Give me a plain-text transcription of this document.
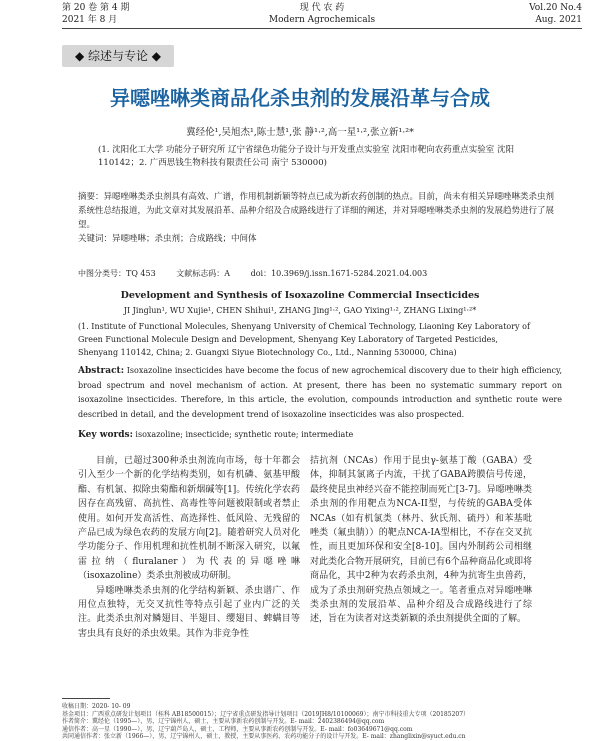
第 20 卷 第 4 期
2021 年 8 月
现 代 农 药
Modern Agrochemicals
Vol.20 No.4
Aug. 2021
◆ 综述与专论 ◆
异噁唑啉类商品化杀虫剂的发展沿革与合成
冀经伦¹,吴旭杰¹,陈士慧¹,张 静¹·²,高一星¹·²,张立新¹·²*
(1. 沈阳化工大学 功能分子研究所 辽宁省绿色功能分子设计与开发重点实验室 沈阳市靶向农药重点实验室 沈阳 110142；2. 广西思钱生物科技有限责任公司 南宁 530000)

摘要：异噁唑啉类杀虫剂具有高效、广谱，作用机制新颖等特点已成为新农药创制的热点。目前，尚未有相关异噁唑啉类杀虫剂系统性总结报道，为此文章对其发展沿革、品种介绍及合成路线进行了详细的阐述，并对异噁唑啉类杀虫剂的发展趋势进行了展望。

关键词：异噁唑啉；杀虫剂；合成路线；中间体

中图分类号：TQ 453	文献标志码：A	doi：10.3969/j.issn.1671-5284.2021.04.003
Development and Synthesis of Isoxazoline Commercial Insecticides
JI Jinglun¹, WU Xujie¹, CHEN Shihui¹, ZHANG Jing¹·², GAO Yixing¹·², ZHANG Lixing¹·²*
(1. Institute of Functional Molecules, Shenyang University of Chemical Technology, Liaoning Key Laboratory of Green Functional Molecule Design and Development, Shenyang Key Laboratory of Targeted Pesticides, Shenyang 110142, China; 2. Guangxi Siyue Biotechnology Co., Ltd., Nanning 530000, China)
Abstract: Isoxazoline insecticides have become the focus of new agrochemical discovery due to their high efficiency, broad spectrum and novel mechanism of action. At present, there has been no systematic summary report on isoxazoline insecticides. Therefore, in this article, the evolution, compounds introduction and synthetic route were described in detail, and the development trend of isoxazoline insecticides was also prospected.
Key words: isoxazoline; insecticide; synthetic route; intermediate

目前，已超过300种杀虫剂流向市场，每十年都会引入至少一个新的化学结构类别，如有机磷、氨基甲酸酯、有机氯、拟除虫菊酯和新烟碱等[1]。传统化学农药因存在高残留、高抗性、高毒性等问题被限制或者禁止使用。如何开发高活性、高选择性、低风险、无残留的产品已成为绿色农药的发展方向[2]。随着研究人员对化学功能分子、作用机理和抗性机制不断深入研究，以氟雷拉纳（fluralaner）为代表的异噁唑啉（isoxazoline）类杀虫剂被成功研制。

异噁唑啉类杀虫剂的化学结构新颖、杀虫谱广、作用位点独特，无交叉抗性等特点引起了业内广泛的关注。此类杀虫剂对鳞翅目、半翅目、缨翅目、蜱螨目等害虫具有良好的杀虫效果。其作为非竞争性

拮抗剂（NCAs）作用于昆虫γ-氨基丁酸（GABA）受体，抑制其氯离子内流，干扰了GABA跨膜信号传递，最终使昆虫神经兴奋不能控制而死亡[3-7]。异噁唑啉类杀虫剂的作用靶点为NCA-II型，与传统的GABA受体NCAs（如有机氯类（林丹、狄氏剂、硫丹）和苯基吡唑类（氟虫腈））的靶点NCA-IA型相比，不存在交叉抗性，而且更加环保和安全[8-10]。国内外制药公司相继对此类化合物开展研究，目前已有6个品种商品化或即将商品化，其中2种为农药杀虫剂，4种为抗寄生虫兽药，成为了杀虫剂研究热点领域之一。笔者重点对异噁唑啉类杀虫剂的发展沿革、品种介绍及合成路线进行了综述，旨在为读者对这类新颖的杀虫剂提供全面的了解。

收稿日期：2020- 10- 09
基金项目：广西重点研发计划项目（桂科 AB18500015）；辽宁省重点研发指导计划项目（2019JH8/10100069）；南宁市科技重大专项（20185207）
作者简介：冀经伦（1995—），男，辽宁锦州人，硕士，主要从事新农药创制与开发。E- mail：2402386494@qq.com
通信作者：高一星（1990—），男，辽宁葫芦岛人，硕士，工程师，主要从事新农药创制与开发。E- mail：fo03649671@qq.com
共同通信作者：张立新（1966—），男，辽宁锦州人，硕士，教授，主要从事医药、农药功能分子的设计与开发。E- mail：zhanglixin@syuct.edu.cn
